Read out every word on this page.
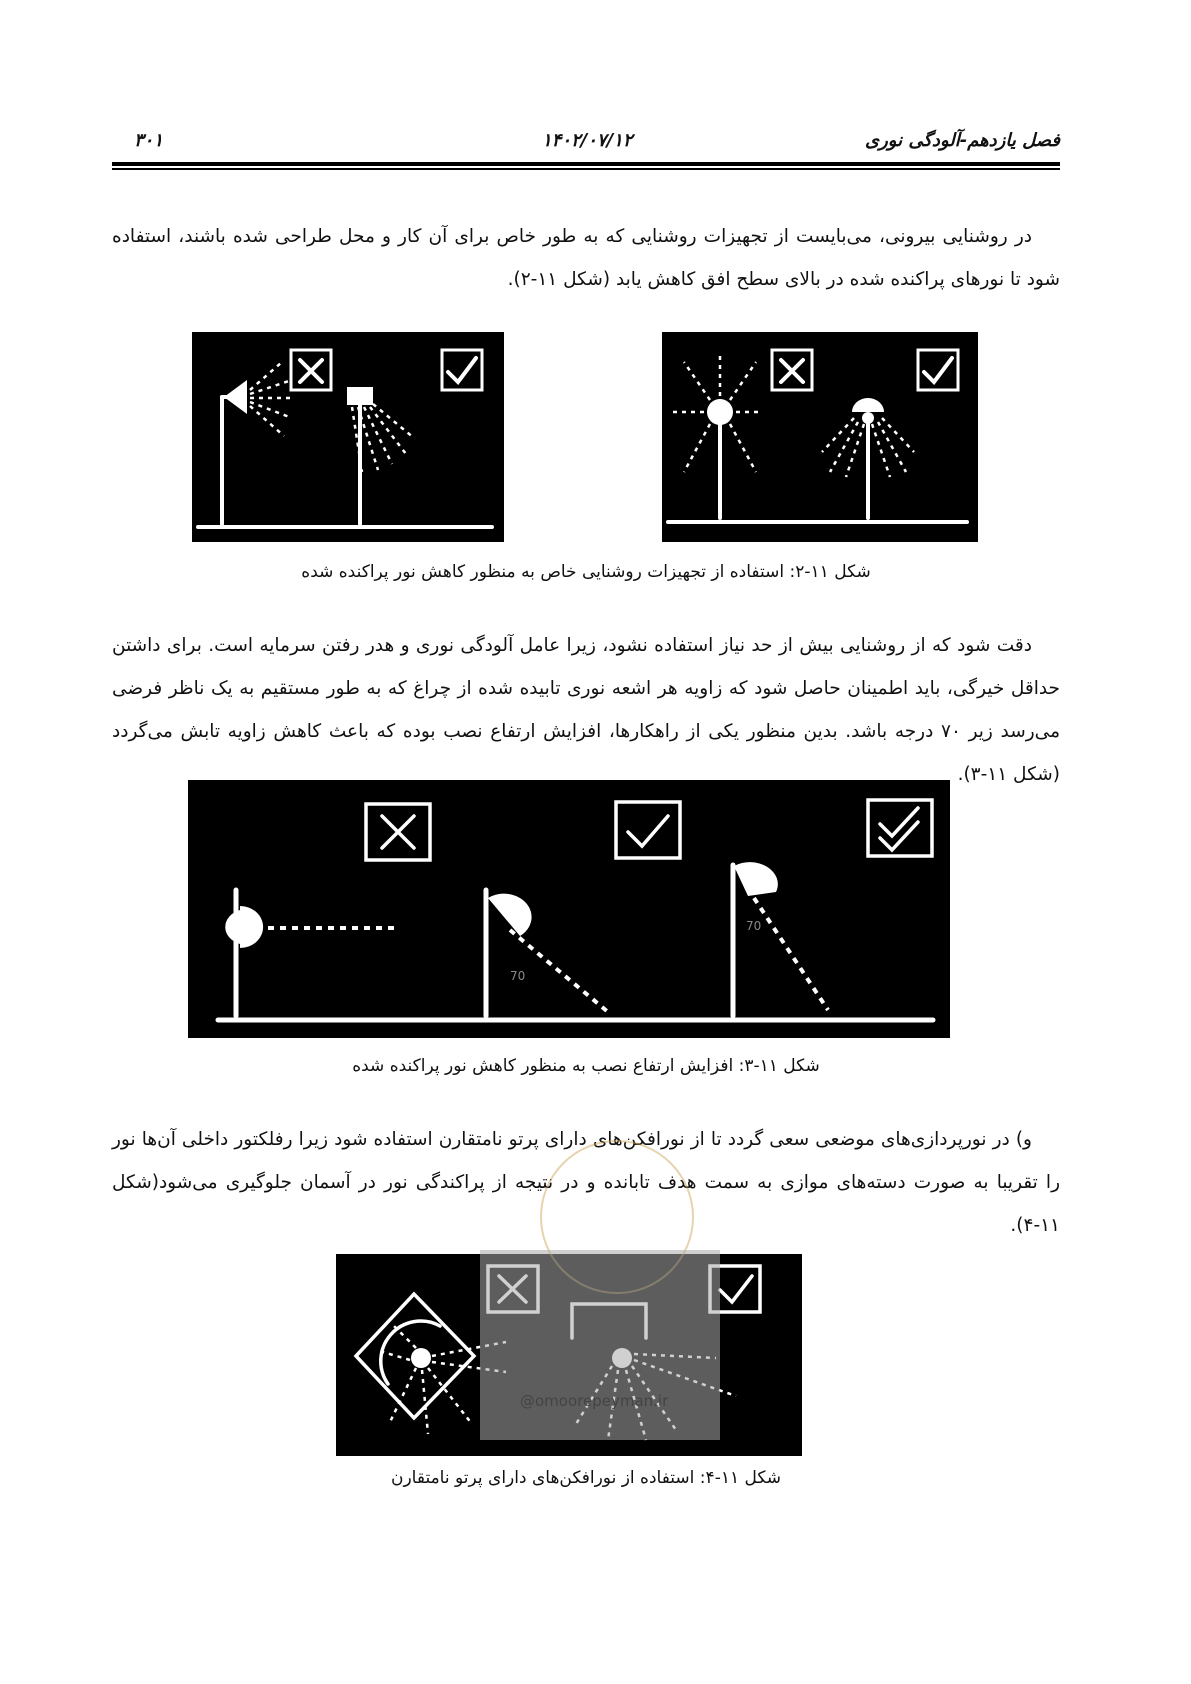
فصل یازدهم-آلودگی نوری
۱۴۰۲/۰۷/۱۲
۳۰۱
در روشنایی بیرونی، می‌بایست از تجهیزات روشنایی که به طور خاص برای آن کار و محل طراحی شده باشند، استفاده شود تا نورهای پراکنده شده در بالای سطح افق کاهش یابد (شکل ۱۱-۲).
شکل ۱۱-۲: استفاده از تجهیزات روشنایی خاص به منظور کاهش نور پراکنده شده
دقت شود که از روشنایی بیش از حد نیاز استفاده نشود، زیرا عامل آلودگی نوری و هدر رفتن سرمایه است. برای داشتن حداقل خیرگی، باید اطمینان حاصل شود که زاویه هر اشعه نوری تابیده شده از چراغ که به طور مستقیم به یک ناظر فرضی می‌رسد زیر ۷۰ درجه باشد. بدین منظور یکی از راهکارها، افزایش ارتفاع نصب بوده که باعث کاهش زاویه تابش می‌گردد (شکل ۱۱-۳).
70
70
شکل ۱۱-۳: افزایش ارتفاع نصب به منظور کاهش نور پراکنده شده
و) در نورپردازی‌های موضعی سعی گردد تا از نورافکن‌های دارای پرتو نامتقارن استفاده شود زیرا رفلکتور داخلی آن‌ها نور را تقریبا به صورت دسته‌های موازی به سمت هدف تابانده و در نتیجه از پراکندگی نور در آسمان جلوگیری می‌شود(شکل ۱۱-۴).
@omoorepeyman.ir
شکل ۱۱-۴: استفاده از نورافکن‌های دارای پرتو نامتقارن
